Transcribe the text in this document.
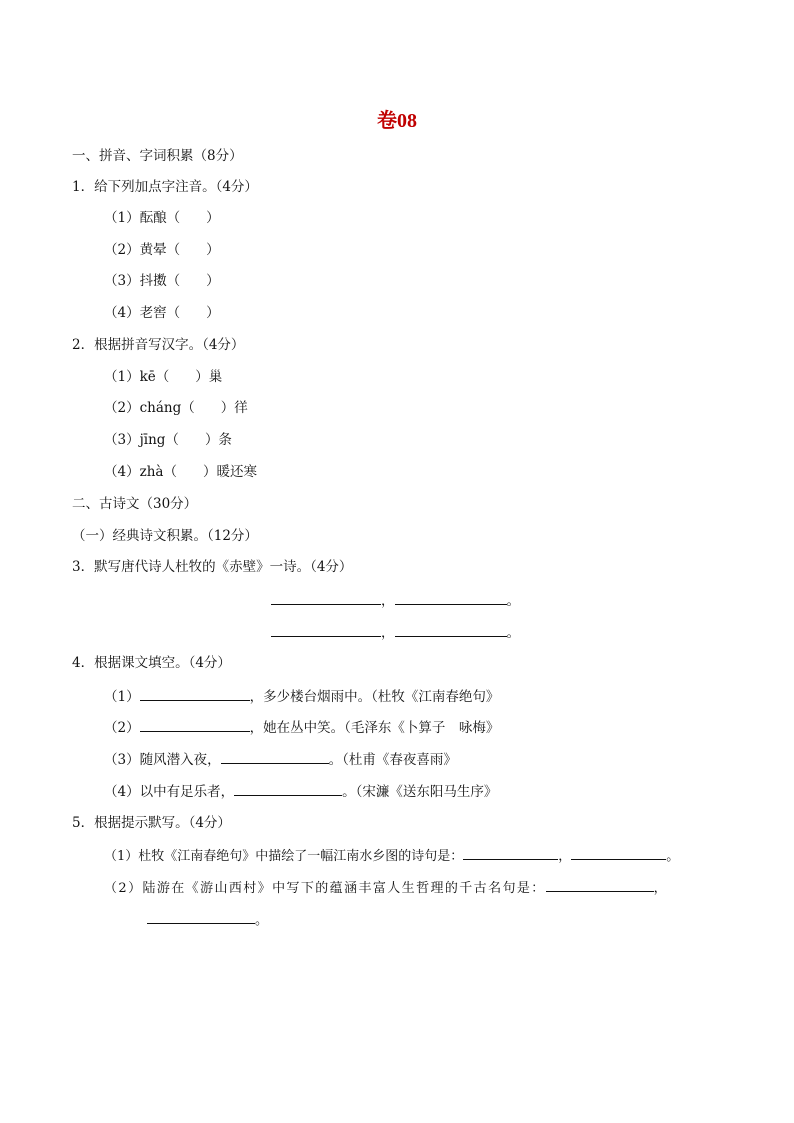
卷08
一、拼音、字词积累（8分）
1．给下列加点字注音。（4分）
（1）酝酿（ ）
（2）黄晕（ ）
（3）抖擞（ ）
（4）老窖（ ）
2．根据拼音写汉字。（4分）
（1）kē（ ）巢
（2）cháng（ ）徉
（3）jīng（ ）条
（4）zhà（ ）暖还寒
二、古诗文（30分）
（一）经典诗文积累。（12分）
3．默写唐代诗人杜牧的《赤壁》一诗。（4分）
，	。
，	。
4．根据课文填空。（4分）
（1）	，多少楼台烟雨中。（杜牧《江南春绝句》
（2）	，她在丛中笑。（毛泽东《卜算子　咏梅》
（3）随风潜入夜，	。（杜甫《春夜喜雨》
（4）以中有足乐者，	。（宋濂《送东阳马生序》
5．根据提示默写。（4分）
（1）杜牧《江南春绝句》中描绘了一幅江南水乡图的诗句是：	，	。
（2）陆游在《游山西村》中写下的蕴涵丰富人生哲理的千古名句是：	，
。
